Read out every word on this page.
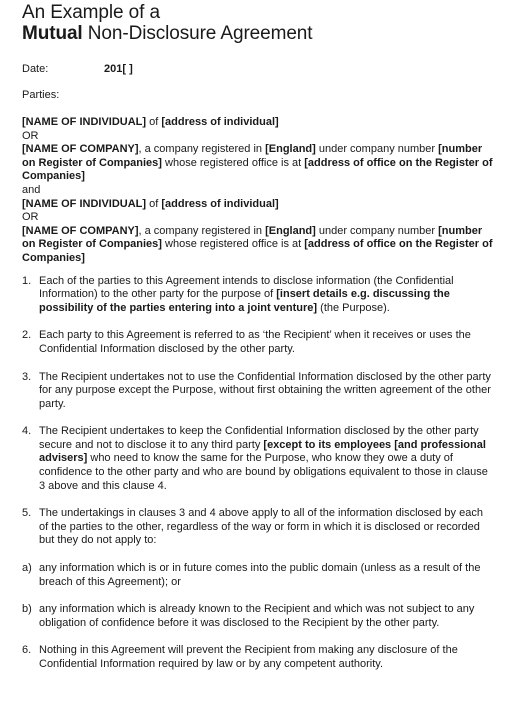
An Example of a
Mutual Non-Disclosure Agreement
Date:	201[ ]
Parties:
[NAME OF INDIVIDUAL] of [address of individual]
OR
[NAME OF COMPANY], a company registered in [England] under company number [number on Register of Companies] whose registered office is at [address of office on the Register of Companies]
and
[NAME OF INDIVIDUAL] of [address of individual]
OR
[NAME OF COMPANY], a company registered in [England] under company number [number on Register of Companies] whose registered office is at [address of office on the Register of Companies]
1. Each of the parties to this Agreement intends to disclose information (the Confidential Information) to the other party for the purpose of [insert details e.g. discussing the possibility of the parties entering into a joint venture] (the Purpose).
2. Each party to this Agreement is referred to as ‘the Recipient’ when it receives or uses the Confidential Information disclosed by the other party.
3. The Recipient undertakes not to use the Confidential Information disclosed by the other party for any purpose except the Purpose, without first obtaining the written agreement of the other party.
4. The Recipient undertakes to keep the Confidential Information disclosed by the other party secure and not to disclose it to any third party [except to its employees [and professional advisers] who need to know the same for the Purpose, who know they owe a duty of confidence to the other party and who are bound by obligations equivalent to those in clause 3 above and this clause 4.
5. The undertakings in clauses 3 and 4 above apply to all of the information disclosed by each of the parties to the other, regardless of the way or form in which it is disclosed or recorded but they do not apply to:
a) any information which is or in future comes into the public domain (unless as a result of the breach of this Agreement); or
b) any information which is already known to the Recipient and which was not subject to any obligation of confidence before it was disclosed to the Recipient by the other party.
6. Nothing in this Agreement will prevent the Recipient from making any disclosure of the Confidential Information required by law or by any competent authority.
